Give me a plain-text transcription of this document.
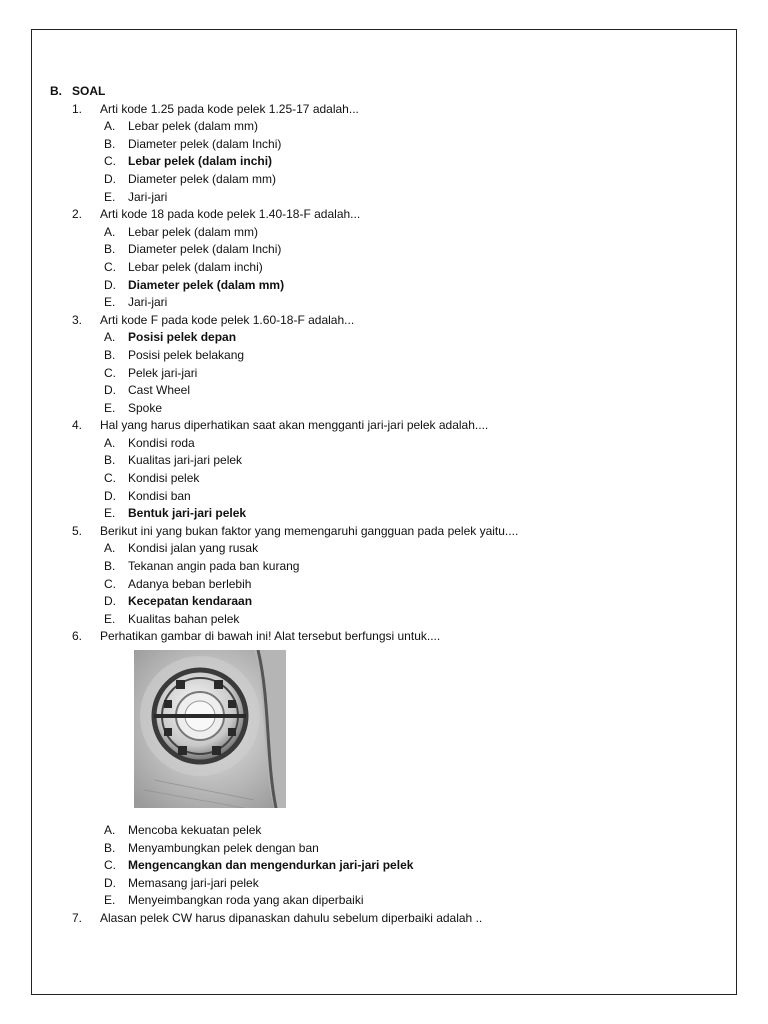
B. SOAL
1.	Arti kode 1.25 pada kode pelek 1.25-17 adalah...
A.	Lebar pelek (dalam mm)
B.	Diameter pelek (dalam Inchi)
C.	Lebar pelek (dalam inchi)
D.	Diameter pelek (dalam mm)
E.	Jari-jari
2.	Arti kode 18 pada kode pelek 1.40-18-F adalah...
A.	Lebar pelek (dalam mm)
B.	Diameter pelek (dalam Inchi)
C.	Lebar pelek (dalam inchi)
D.	Diameter pelek (dalam mm)
E.	Jari-jari
3.	Arti kode F pada kode pelek 1.60-18-F adalah...
A.	Posisi pelek depan
B.	Posisi pelek belakang
C.	Pelek jari-jari
D.	Cast Wheel
E.	Spoke
4.	Hal yang harus diperhatikan saat akan mengganti jari-jari pelek adalah....
A.	Kondisi roda
B.	Kualitas jari-jari pelek
C.	Kondisi pelek
D.	Kondisi ban
E.	Bentuk jari-jari pelek
5.	Berikut ini yang bukan faktor yang memengaruhi gangguan pada pelek yaitu....
A.	Kondisi jalan yang rusak
B.	Tekanan angin pada ban kurang
C.	Adanya beban berlebih
D.	Kecepatan kendaraan
E.	Kualitas bahan pelek
6.	Perhatikan gambar di bawah ini! Alat tersebut berfungsi untuk....
A.	Mencoba kekuatan pelek
B.	Menyambungkan pelek dengan ban
C.	Mengencangkan dan mengendurkan jari-jari pelek
D.	Memasang jari-jari pelek
E.	Menyeimbangkan roda yang akan diperbaiki
7.	Alasan pelek CW harus dipanaskan dahulu sebelum diperbaiki adalah ..
